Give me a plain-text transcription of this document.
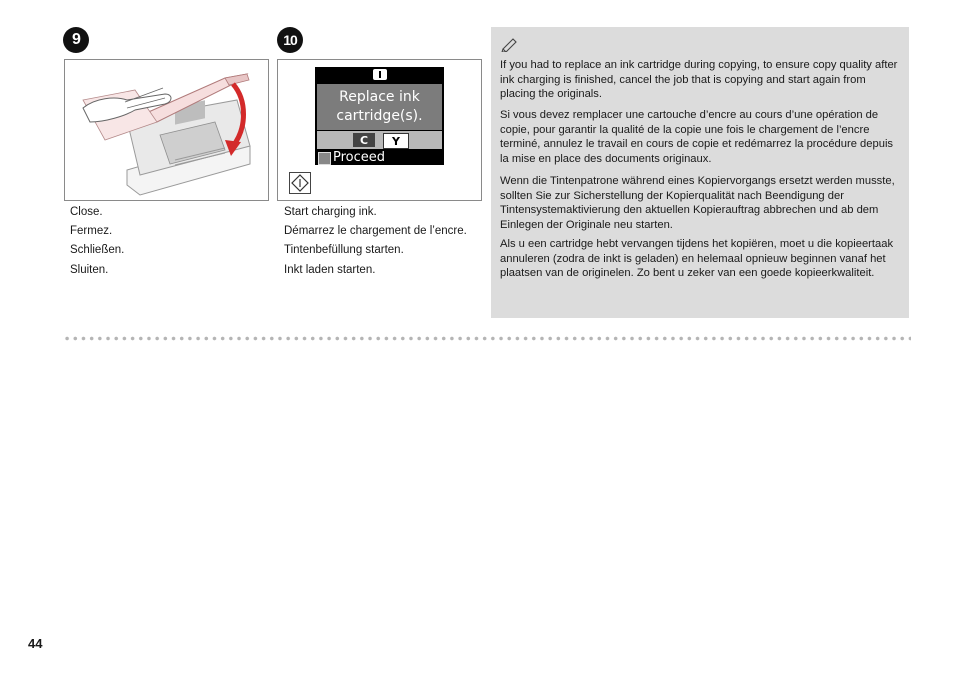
9
Close.
Fermez.
Schließen.
Sluiten.
10
Replace ink
cartridge(s).
C	Y
Proceed
Start charging ink.
Démarrez le chargement de l’encre.
Tintenbefüllung starten.
Inkt laden starten.

If you had to replace an ink cartridge during copying, to ensure copy quality after ink charging is finished, cancel the job that is copying and start again from placing the originals.

Si vous devez remplacer une cartouche d’encre au cours d’une opération de copie, pour garantir la qualité de la copie une fois le chargement de l’encre terminé, annulez le travail en cours de copie et redémarrez la procédure depuis la mise en place des documents originaux.

Wenn die Tintenpatrone während eines Kopiervorgangs ersetzt werden musste, sollten Sie zur Sicherstellung der Kopierqualität nach Beendigung der Tintensystemaktivierung den aktuellen Kopierauftrag abbrechen und ab dem Einlegen der Originale neu starten.

Als u een cartridge hebt vervangen tijdens het kopiëren, moet u die kopieertaak annuleren (zodra de inkt is geladen) en helemaal opnieuw beginnen vanaf het plaatsen van de originelen. Zo bent u zeker van een goede kopieerkwaliteit.

44
